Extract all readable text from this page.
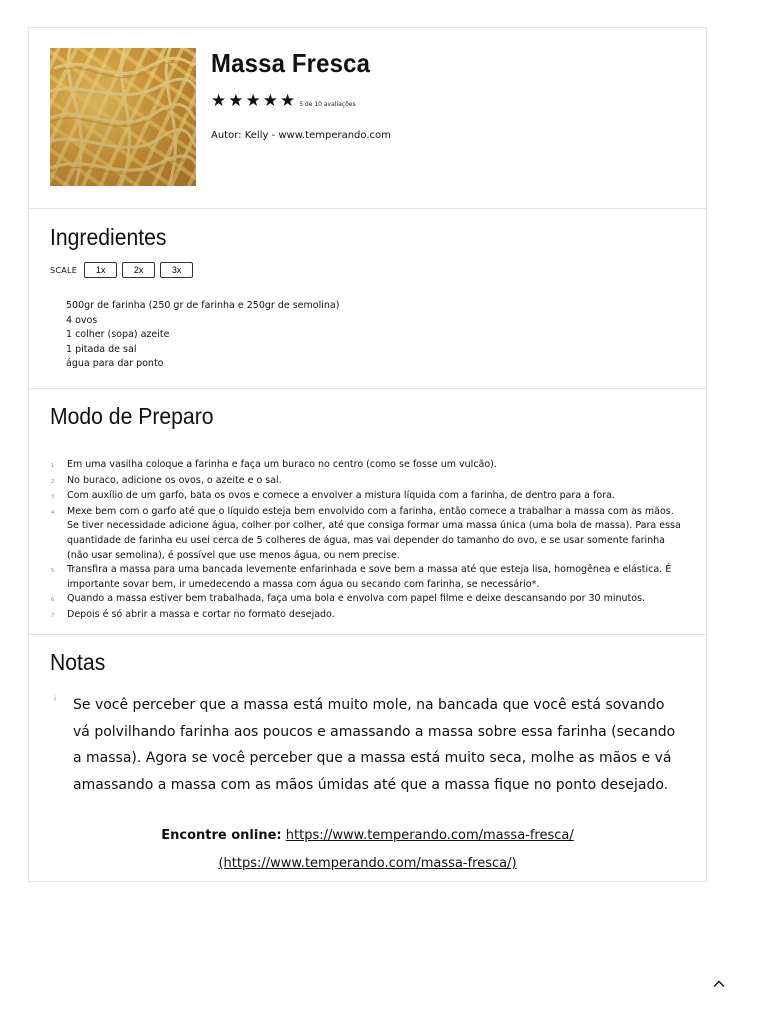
Massa Fresca
★★★★★ 5 de 10 avaliações
Autor: Kelly - www.temperando.com
Ingredientes
SCALE	1x	2x	3x
500gr de farinha (250 gr de farinha e 250gr de semolina)
4 ovos
1 colher (sopa) azeite
1 pitada de sal
água para dar ponto
Modo de Preparo
1	Em uma vasilha coloque a farinha e faça um buraco no centro (como se fosse um vulcão).
2	No buraco, adicione os ovos, o azeite e o sal.
3	Com auxílio de um garfo, bata os ovos e comece a envolver a mistura líquida com a farinha, de dentro para a fora.
4	Mexe bem com o garfo até que o líquido esteja bem envolvido com a farinha, então comece a trabalhar a massa com as mãos. Se tiver necessidade adicione água, colher por colher, até que consiga formar uma massa única (uma bola de massa). Para essa quantidade de farinha eu usei cerca de 5 colheres de água, mas vai depender do tamanho do ovo, e se usar somente farinha (não usar semolina), é possível que use menos água, ou nem precise.
5	Transfira a massa para uma bancada levemente enfarinhada e sove bem a massa até que esteja lisa, homogênea e elástica. É importante sovar bem, ir umedecendo a massa com água ou secando com farinha, se necessário*.
6	Quando a massa estiver bem trabalhada, faça uma bola e envolva com papel filme e deixe descansando por 30 minutos.
7	Depois é só abrir a massa e cortar no formato desejado.
Notas
i	Se você perceber que a massa está muito mole, na bancada que você está sovando vá polvilhando farinha aos poucos e amassando a massa sobre essa farinha (secando a massa). Agora se você perceber que a massa está muito seca, molhe as mãos e vá amassando a massa com as mãos úmidas até que a massa fique no ponto desejado.
Encontre online: https://www.temperando.com/massa-fresca/
(https://www.temperando.com/massa-fresca/)
